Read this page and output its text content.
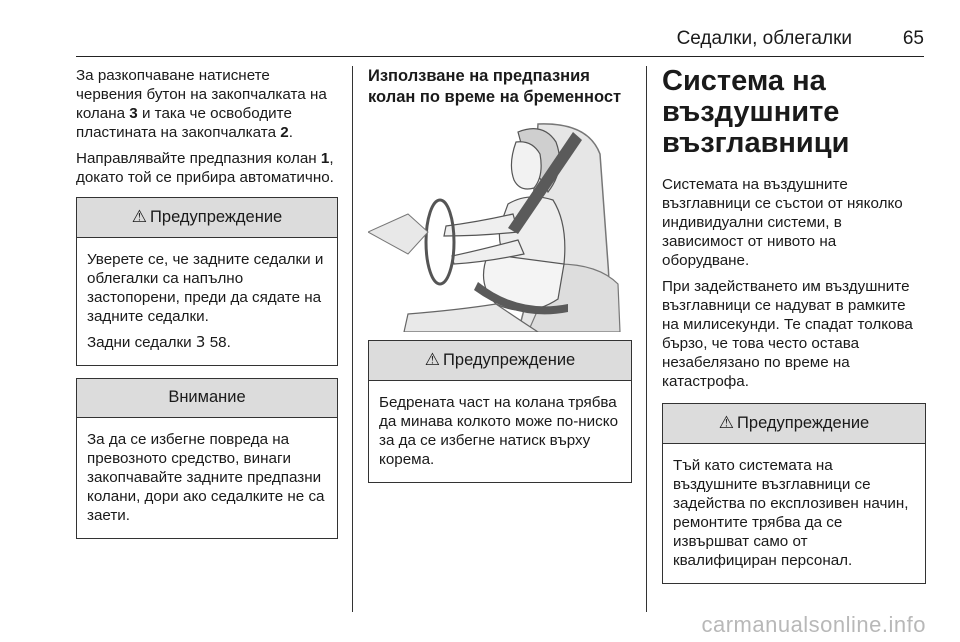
Седалки, облегалки	65

За разкопчаване натиснете червения бутон на закопчалката на колана 3 и така че освободите пластината на закопчалката 2.

Направлявайте предпазния колан 1, докато той се прибира автоматично.

⚠ Предупреждение

Уверете се, че задните седалки и облегалки са напълно застопорени, преди да сядате на задните седалки.

Задни седалки 3 58.

Внимание

За да се избегне повреда на превозното средство, винаги закопчавайте задните предпазни колани, дори ако седалките не са заети.

Използване на предпазния колан по време на бременност
⚠ Предупреждение

Бедрената част на колана трябва да минава колкото може по-ниско за да се избегне натиск върху корема.

Система на въздушните възглавници

Системата на въздушните възглавници се състои от няколко индивидуални системи, в зависимост от нивото на оборудване.

При задействането им въздушните възглавници се надуват в рамките на милисекунди. Те спадат толкова бързо, че това често остава незабелязано по време на катастрофа.

⚠ Предупреждение

Тъй като системата на въздушните възглавници се задейства по експлозивен начин, ремонтите трябва да се извършват само от квалифициран персонал.

carmanualsonline.info
